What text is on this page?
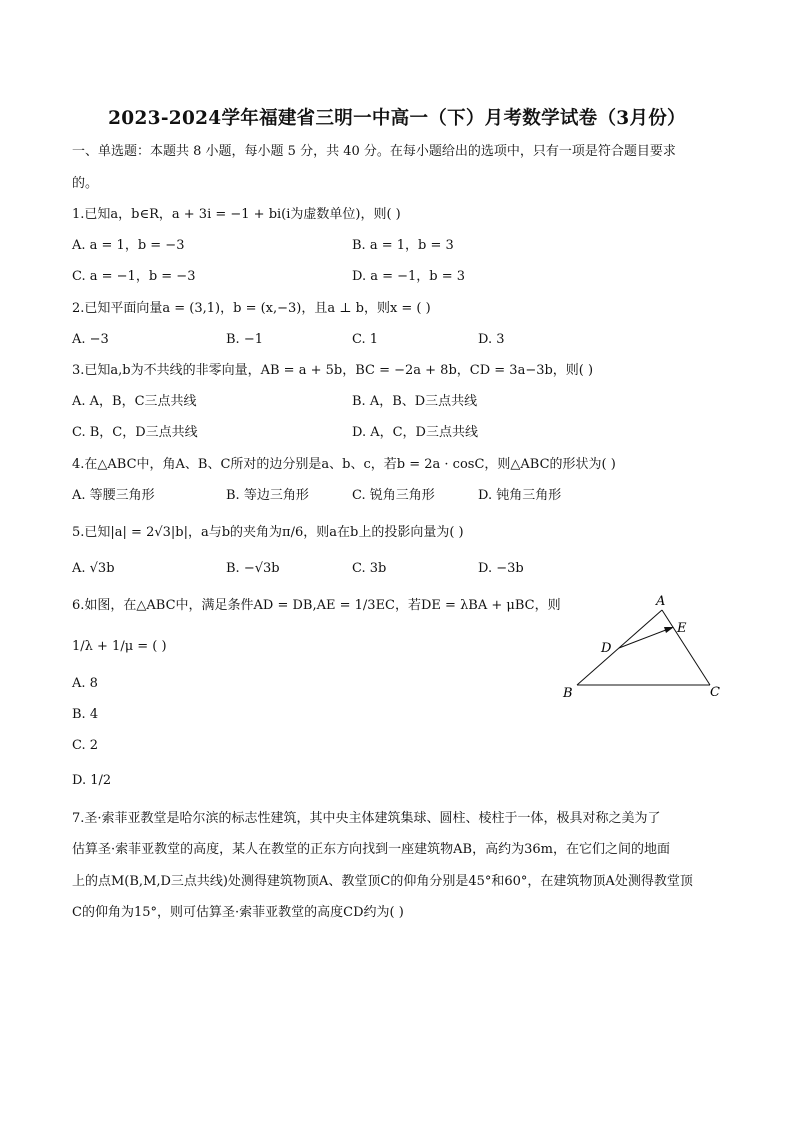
2023-2024学年福建省三明一中高一（下）月考数学试卷（3月份）
一、单选题：本题共 8 小题，每小题 5 分，共 40 分。在每小题给出的选项中，只有一项是符合题目要求
的。
1.已知a，b∈R，a + 3i = −1 + bi(i为虚数单位)，则( )
A. a = 1，b = −3	B. a = 1，b = 3
C. a = −1，b = −3	D. a = −1，b = 3
2.已知平面向量a = (3,1)，b = (x,−3)，且a ⊥ b，则x = ( )
A. −3	B. −1	C. 1	D. 3
3.已知a,b为不共线的非零向量，AB = a + 5b，BC = −2a + 8b，CD = 3a−3b，则( )
A. A，B，C三点共线	B. A，B、D三点共线
C. B，C，D三点共线	D. A，C，D三点共线
4.在△ABC中，角A、B、C所对的边分别是a、b、c，若b = 2a · cosC，则△ABC的形状为( )
A. 等腰三角形	B. 等边三角形	C. 锐角三角形	D. 钝角三角形
5.已知|a| = 2√3|b|，a与b的夹角为π/6，则a在b上的投影向量为( )
A. √3b	B. −√3b	C. 3b	D. −3b
6.如图，在△ABC中，满足条件AD = DB,AE = 1/3EC，若DE = λBA + μBC，则
1/λ + 1/μ = ( )
A. 8
B. 4
C. 2
D. 1/2
A
E
D
B	C
7.圣·索菲亚教堂是哈尔滨的标志性建筑，其中央主体建筑集球、圆柱、棱柱于一体，极具对称之美为了
估算圣·索菲亚教堂的高度，某人在教堂的正东方向找到一座建筑物AB，高约为36m，在它们之间的地面
上的点M(B,M,D三点共线)处测得建筑物顶A、教堂顶C的仰角分别是45°和60°，在建筑物顶A处测得教堂顶
C的仰角为15°，则可估算圣·索菲亚教堂的高度CD约为( )
